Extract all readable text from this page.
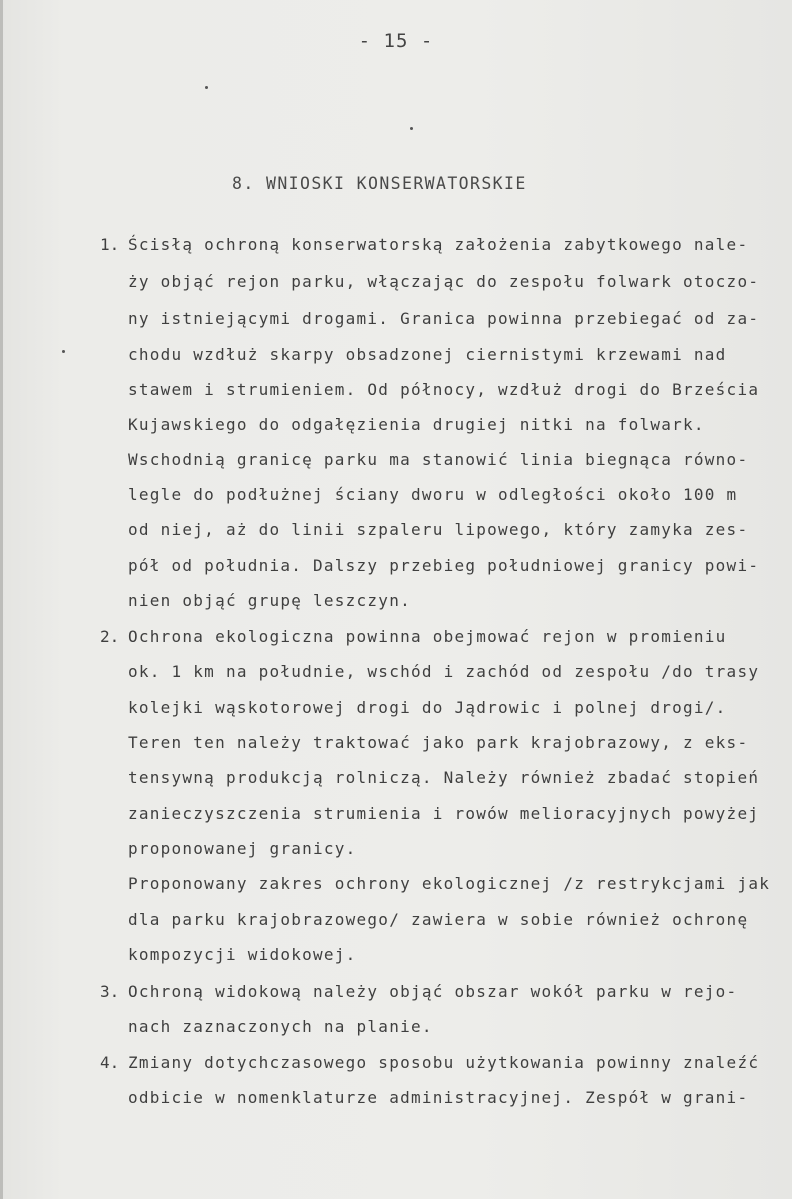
- 15 -
8. WNIOSKI KONSERWATORSKIE
1. Ścisłą ochroną konserwatorską założenia zabytkowego nale-
ży objąć rejon parku, włączając do zespołu folwark otoczo-
ny istniejącymi drogami. Granica powinna przebiegać od za-
chodu wzdłuż skarpy obsadzonej ciernistymi krzewami nad
stawem i strumieniem. Od północy, wzdłuż drogi do Brześcia
Kujawskiego do odgałęzienia drugiej nitki na folwark.
Wschodnią granicę parku ma stanowić linia biegnąca równo-
legle do podłużnej ściany dworu w odległości około 100 m
od niej, aż do linii szpaleru lipowego, który zamyka zes-
pół od południa. Dalszy przebieg południowej granicy powi-
nien objąć grupę leszczyn.
2. Ochrona ekologiczna powinna obejmować rejon w promieniu
ok. 1 km na południe, wschód i zachód od zespołu /do trasy
kolejki wąskotorowej drogi do Jądrowic i polnej drogi/.
Teren ten należy traktować jako park krajobrazowy, z eks-
tensywną produkcją rolniczą. Należy również zbadać stopień
zanieczyszczenia strumienia i rowów melioracyjnych powyżej
proponowanej granicy.
Proponowany zakres ochrony ekologicznej /z restrykcjami jak
dla parku krajobrazowego/ zawiera w sobie również ochronę
kompozycji widokowej.
3. Ochroną widokową należy objąć obszar wokół parku w rejo-
nach zaznaczonych na planie.
4. Zmiany dotychczasowego sposobu użytkowania powinny znaleźć
odbicie w nomenklaturze administracyjnej. Zespół w grani-
